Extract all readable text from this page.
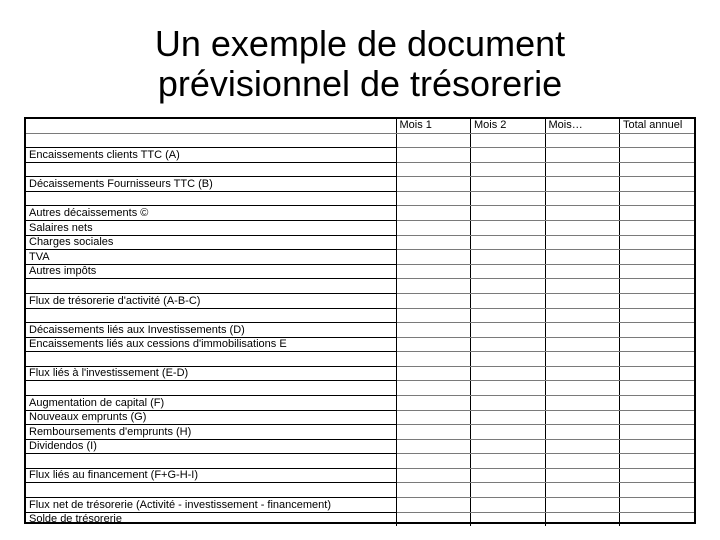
Un exemple de document
prévisionnel de trésorerie
	Mois 1	Mois 2	Mois…	Total annuel

Encaissements clients TTC (A)				

Décaissements Fournisseurs TTC (B)				

Autres décaissements ©				
Salaires nets				
Charges sociales				
TVA				
Autres impôts				

Flux de trésorerie d'activité (A-B-C)				

Décaissements liés aux Investissements (D)				
Encaissements liés aux cessions d'immobilisations E				

Flux liés à l'investissement (E-D)				

Augmentation de capital (F)				
Nouveaux emprunts (G)				
Remboursements d'emprunts (H)				
Dividendos (I)				

Flux liés au financement (F+G-H-I)				

Flux net de trésorerie (Activité - investissement - financement)				
Solde de trésorerie				
